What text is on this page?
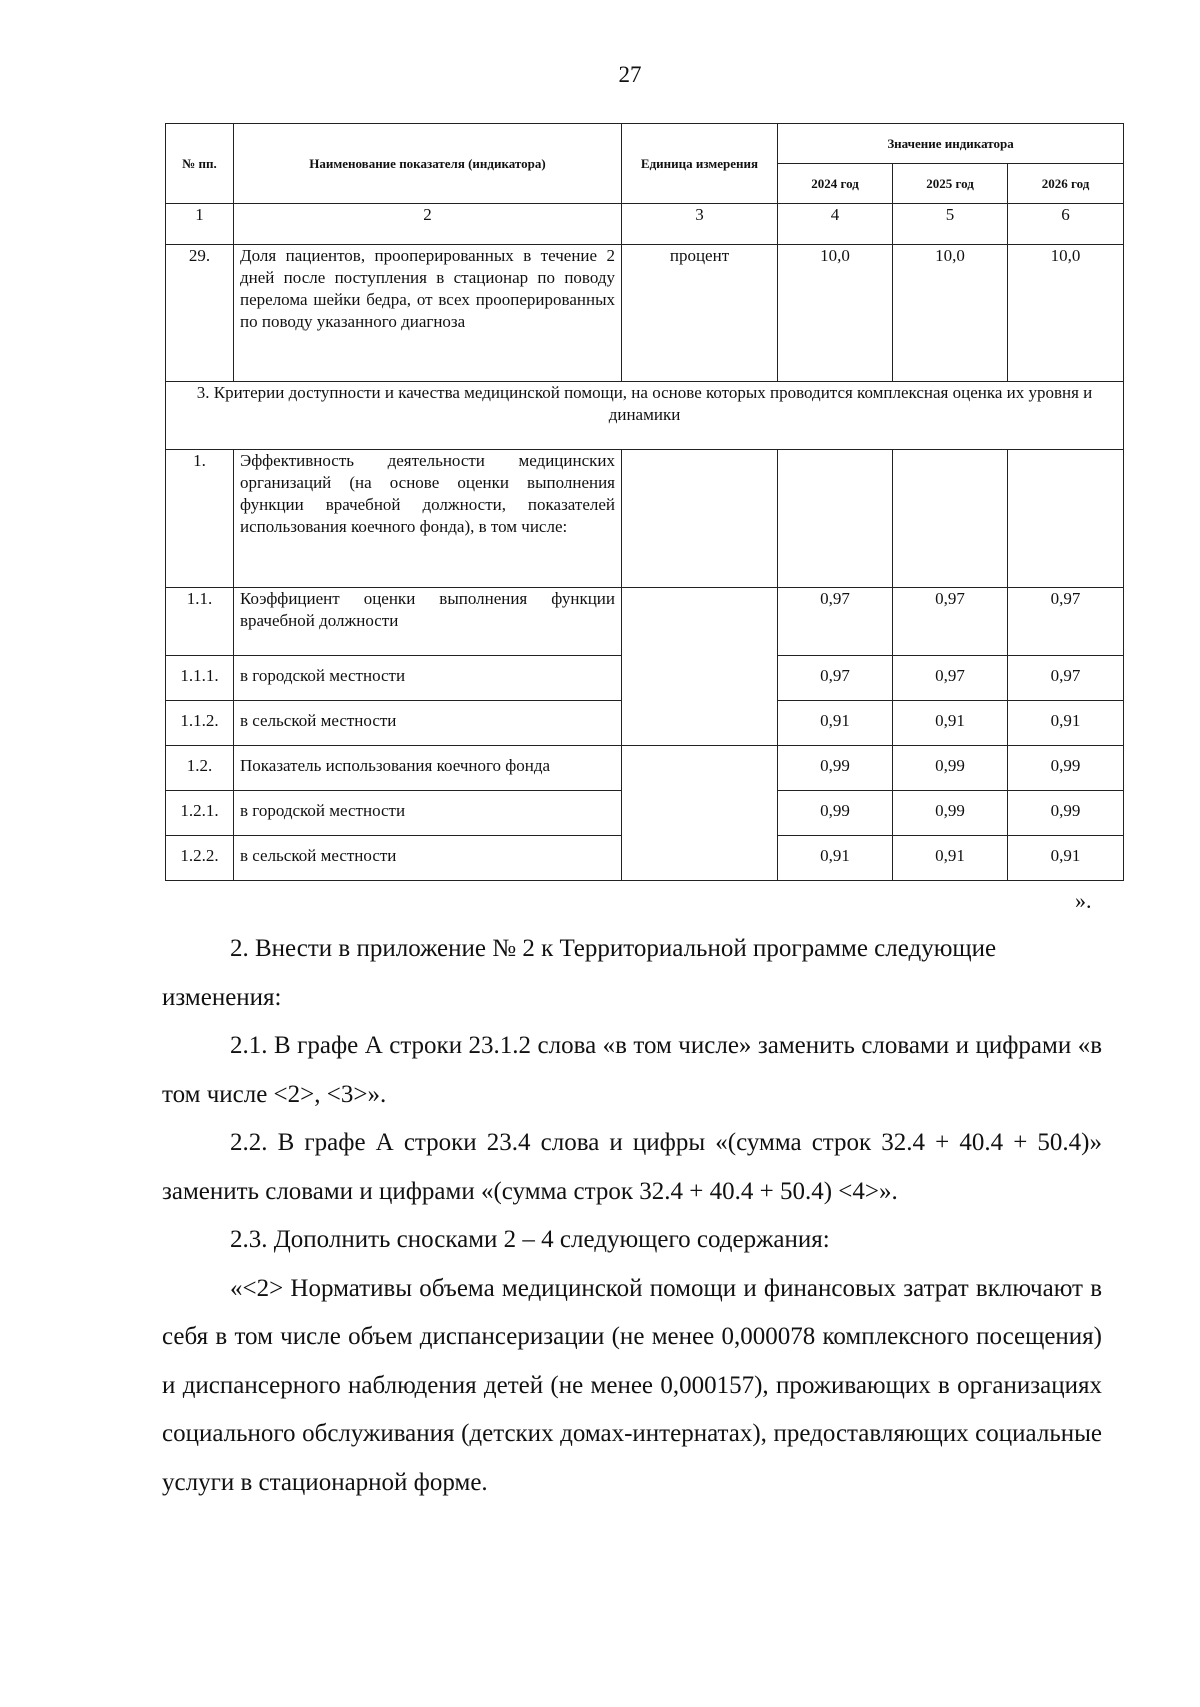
27
№ пп.	Наименование показателя (индикатора)	Единица измерения	Значение индикатора		
			2024 год	2025 год	2026 год
1	2	3	4	5	6
29.	Доля пациентов, прооперированных в течение 2 дней после поступления в стационар по поводу перелома шейки бедра, от всех прооперированных по поводу указанного диагноза	процент	10,0	10,0	10,0
3. Критерии доступности и качества медицинской помощи, на основе которых проводится комплексная оценка их уровня и динамики					
1.	Эффективность деятельности медицинских организаций (на основе оценки выполнения функции врачебной должности, показателей использования коечного фонда), в том числе:				
1.1.	Коэффициент оценки выполнения функции врачебной должности		0,97	0,97	0,97
1.1.1.	в городской местности		0,97	0,97	0,97
1.1.2.	в сельской местности		0,91	0,91	0,91
1.2.	Показатель использования коечного фонда		0,99	0,99	0,99
1.2.1.	в городской местности		0,99	0,99	0,99
1.2.2.	в сельской местности		0,91	0,91	0,91
».

2. Внести в приложение № 2 к Территориальной программе следующие

изменения:

2.1. В графе А строки 23.1.2 слова «в том числе» заменить словами и цифрами «в том числе <2>, <3>».

2.2. В графе А строки 23.4 слова и цифры «(сумма строк 32.4 + 40.4 + 50.4)» заменить словами и цифрами «(сумма строк 32.4 + 40.4 + 50.4) <4>».

2.3. Дополнить сносками 2 – 4 следующего содержания:

«<2> Нормативы объема медицинской помощи и финансовых затрат включают в себя в том числе объем диспансеризации (не менее 0,000078 комплексного посещения) и диспансерного наблюдения детей (не менее 0,000157), проживающих в организациях социального обслуживания (детских домах-интернатах), предоставляющих социальные услуги в стационарной форме.
